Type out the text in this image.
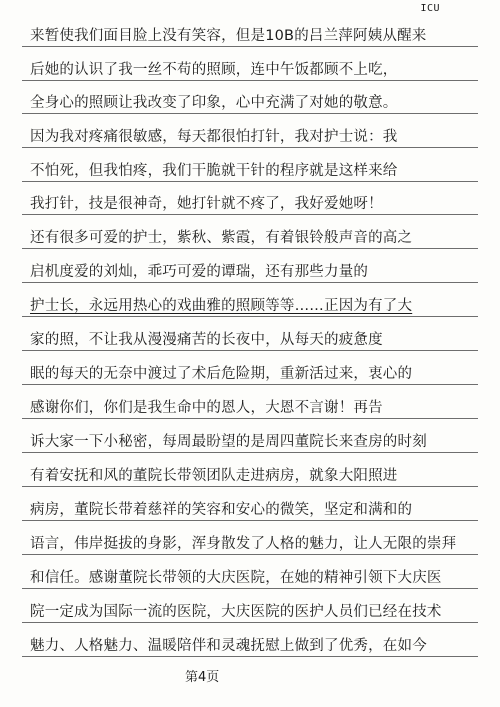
ICU
来暂使我们面目脸上没有笑容，但是10B的吕兰萍阿姨从醒来
后她的认识了我一丝不苟的照顾，连中午饭都顾不上吃，
全身心的照顾让我改变了印象，心中充满了对她的敬意。
因为我对疼痛很敏感，每天都很怕打针，我对护士说：我
不怕死，但我怕疼，我们干脆就干针的程序就是这样来给
我打针，技是很神奇，她打针就不疼了，我好爱她呀！
还有很多可爱的护士，紫秋、紫霞，有着银铃般声音的高之
启机度爱的刘灿，乖巧可爱的谭瑞，还有那些力量的
护士长，永远用热心的戏曲雅的照顾等等……正因为有了大
家的照，不让我从漫漫痛苦的长夜中，从每天的疲惫度
眠的每天的无奈中渡过了术后危险期，重新活过来，衷心的
感谢你们，你们是我生命中的恩人，大恩不言谢！再告
诉大家一下小秘密，每周最盼望的是周四董院长来查房的时刻
有着安抚和风的董院长带领团队走进病房，就象大阳照进
病房，董院长带着慈祥的笑容和安心的微笑，坚定和满和的
语言，伟岸挺拔的身影，浑身散发了人格的魅力，让人无限的崇拜
和信任。感谢董院长带领的大庆医院，在她的精神引领下大庆医
院一定成为国际一流的医院，大庆医院的医护人员们已经在技术
魅力、人格魅力、温暖陪伴和灵魂抚慰上做到了优秀，在如今
第4页
